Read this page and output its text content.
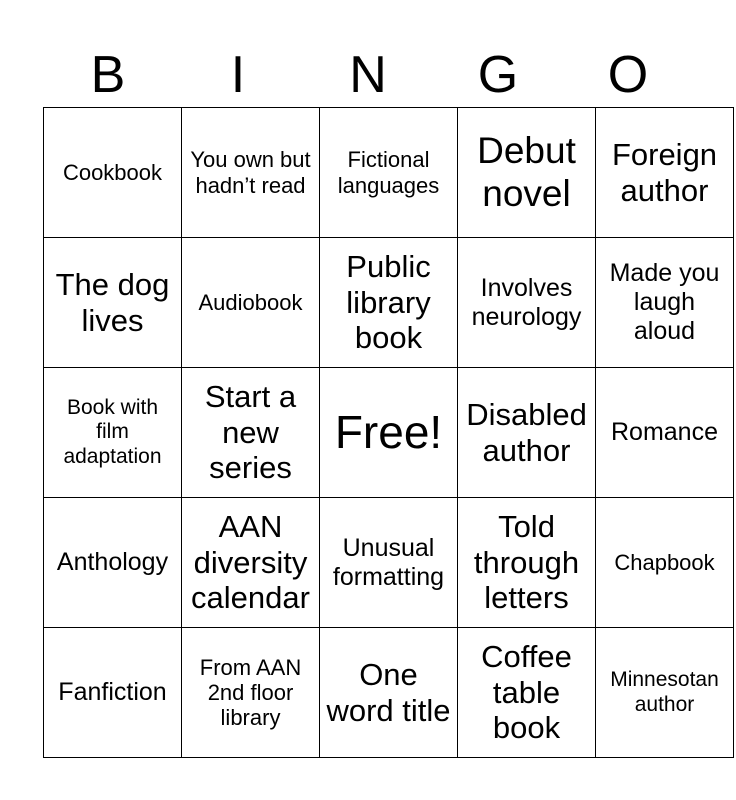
B	I	N	G	O
Cookbook	You own but hadn’t read	Fictional languages	Debut novel	Foreign author
The dog lives	Audiobook	Public library book	Involves neurology	Made you laugh aloud
Book with film adaptation	Start a new series	Free!	Disabled author	Romance
Anthology	AAN diversity calendar	Unusual formatting	Told through letters	Chapbook
Fanfiction	From AAN 2nd floor library	One word title	Coffee table book	Minnesotan author
